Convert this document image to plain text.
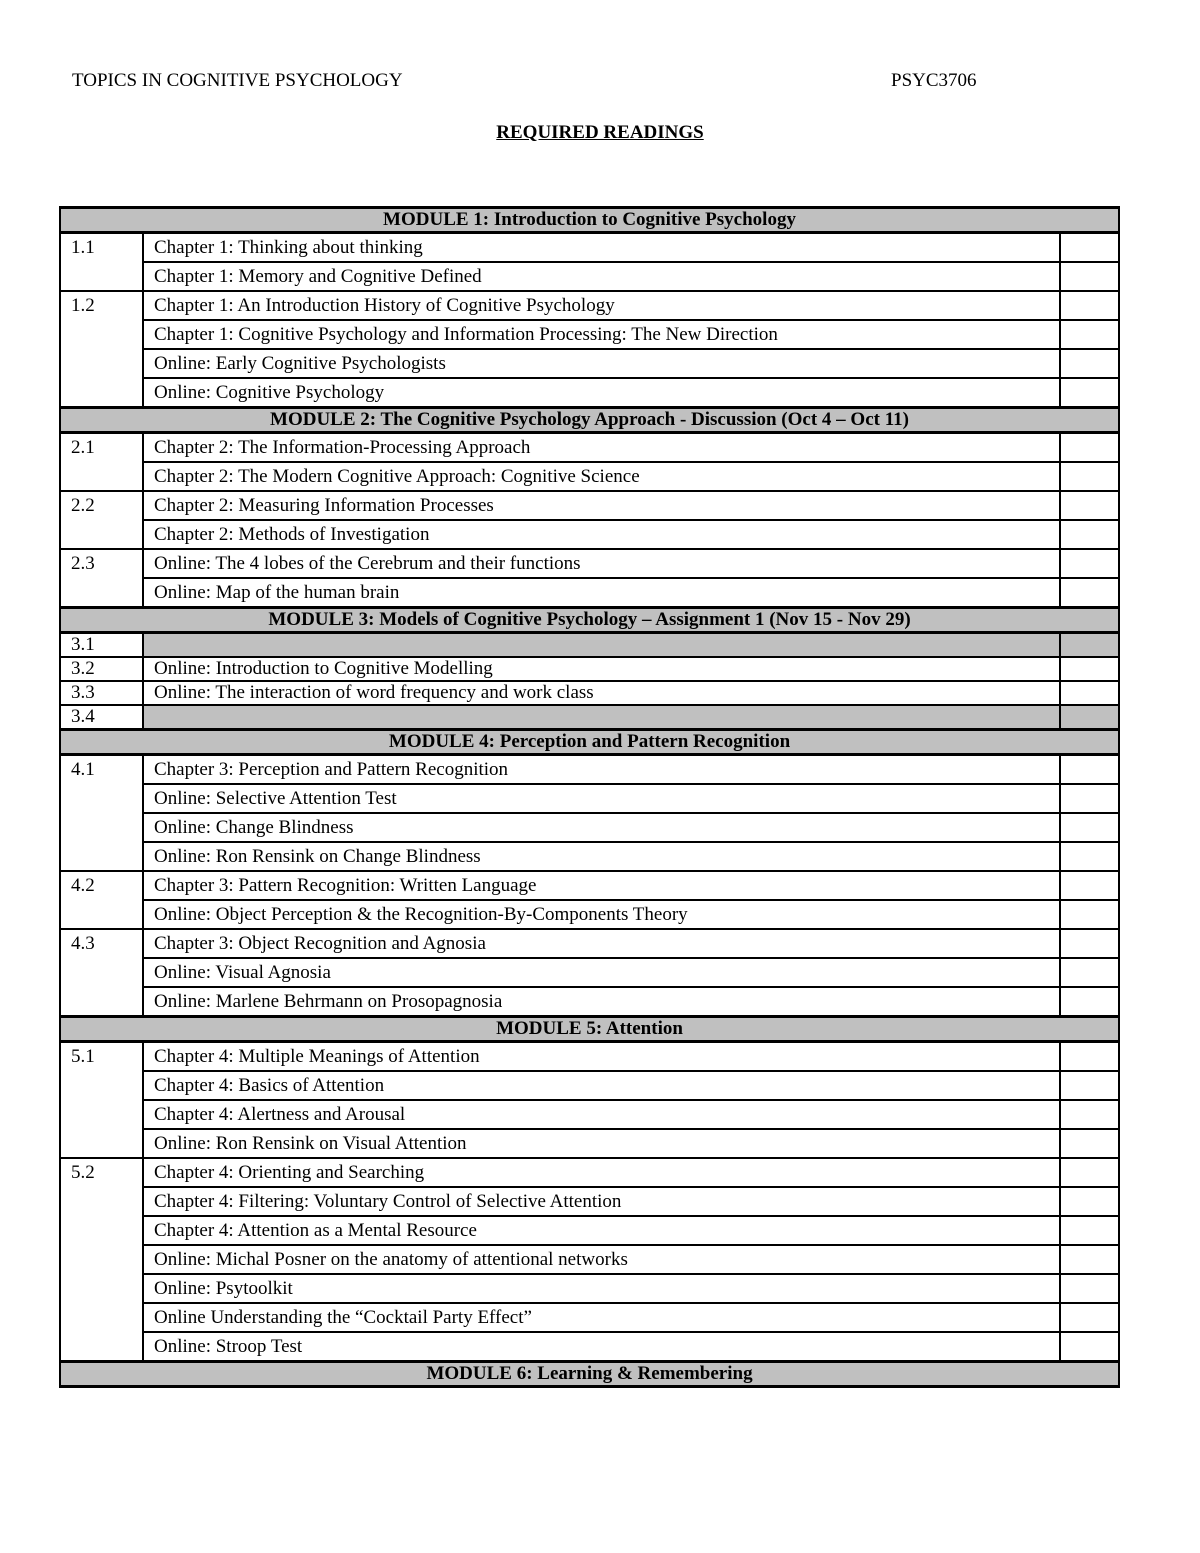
TOPICS IN COGNITIVE PSYCHOLOGY	PSYC3706
REQUIRED READINGS
MODULE 1: Introduction to Cognitive Psychology		
1.1	Chapter 1: Thinking about thinking	
	Chapter 1: Memory and Cognitive Defined	
1.2	Chapter 1: An Introduction History of Cognitive Psychology	
	Chapter 1: Cognitive Psychology and Information Processing: The New Direction	
	Online: Early Cognitive Psychologists	
	Online: Cognitive Psychology	
MODULE 2: The Cognitive Psychology Approach - Discussion (Oct 4 – Oct 11)		
2.1	Chapter 2: The Information-Processing Approach	
	Chapter 2: The Modern Cognitive Approach: Cognitive Science	
2.2	Chapter 2: Measuring Information Processes	
	Chapter 2: Methods of Investigation	
2.3	Online: The 4 lobes of the Cerebrum and their functions	
	Online: Map of the human brain	
MODULE 3: Models of Cognitive Psychology – Assignment 1 (Nov 15 - Nov 29)		
3.1		
3.2	Online: Introduction to Cognitive Modelling	
3.3	Online: The interaction of word frequency and work class	
3.4		
MODULE 4: Perception and Pattern Recognition		
4.1	Chapter 3: Perception and Pattern Recognition	
	Online: Selective Attention Test	
	Online: Change Blindness	
	Online: Ron Rensink on Change Blindness	
4.2	Chapter 3: Pattern Recognition: Written Language	
	Online: Object Perception & the Recognition-By-Components Theory	
4.3	Chapter 3: Object Recognition and Agnosia	
	Online: Visual Agnosia	
	Online: Marlene Behrmann on Prosopagnosia	
MODULE 5: Attention		
5.1	Chapter 4: Multiple Meanings of Attention	
	Chapter 4: Basics of Attention	
	Chapter 4: Alertness and Arousal	
	Online: Ron Rensink on Visual Attention	
5.2	Chapter 4: Orienting and Searching	
	Chapter 4: Filtering: Voluntary Control of Selective Attention	
	Chapter 4: Attention as a Mental Resource	
	Online: Michal Posner on the anatomy of attentional networks	
	Online: Psytoolkit	
	Online Understanding the “Cocktail Party Effect”	
	Online: Stroop Test	
MODULE 6: Learning & Remembering		
